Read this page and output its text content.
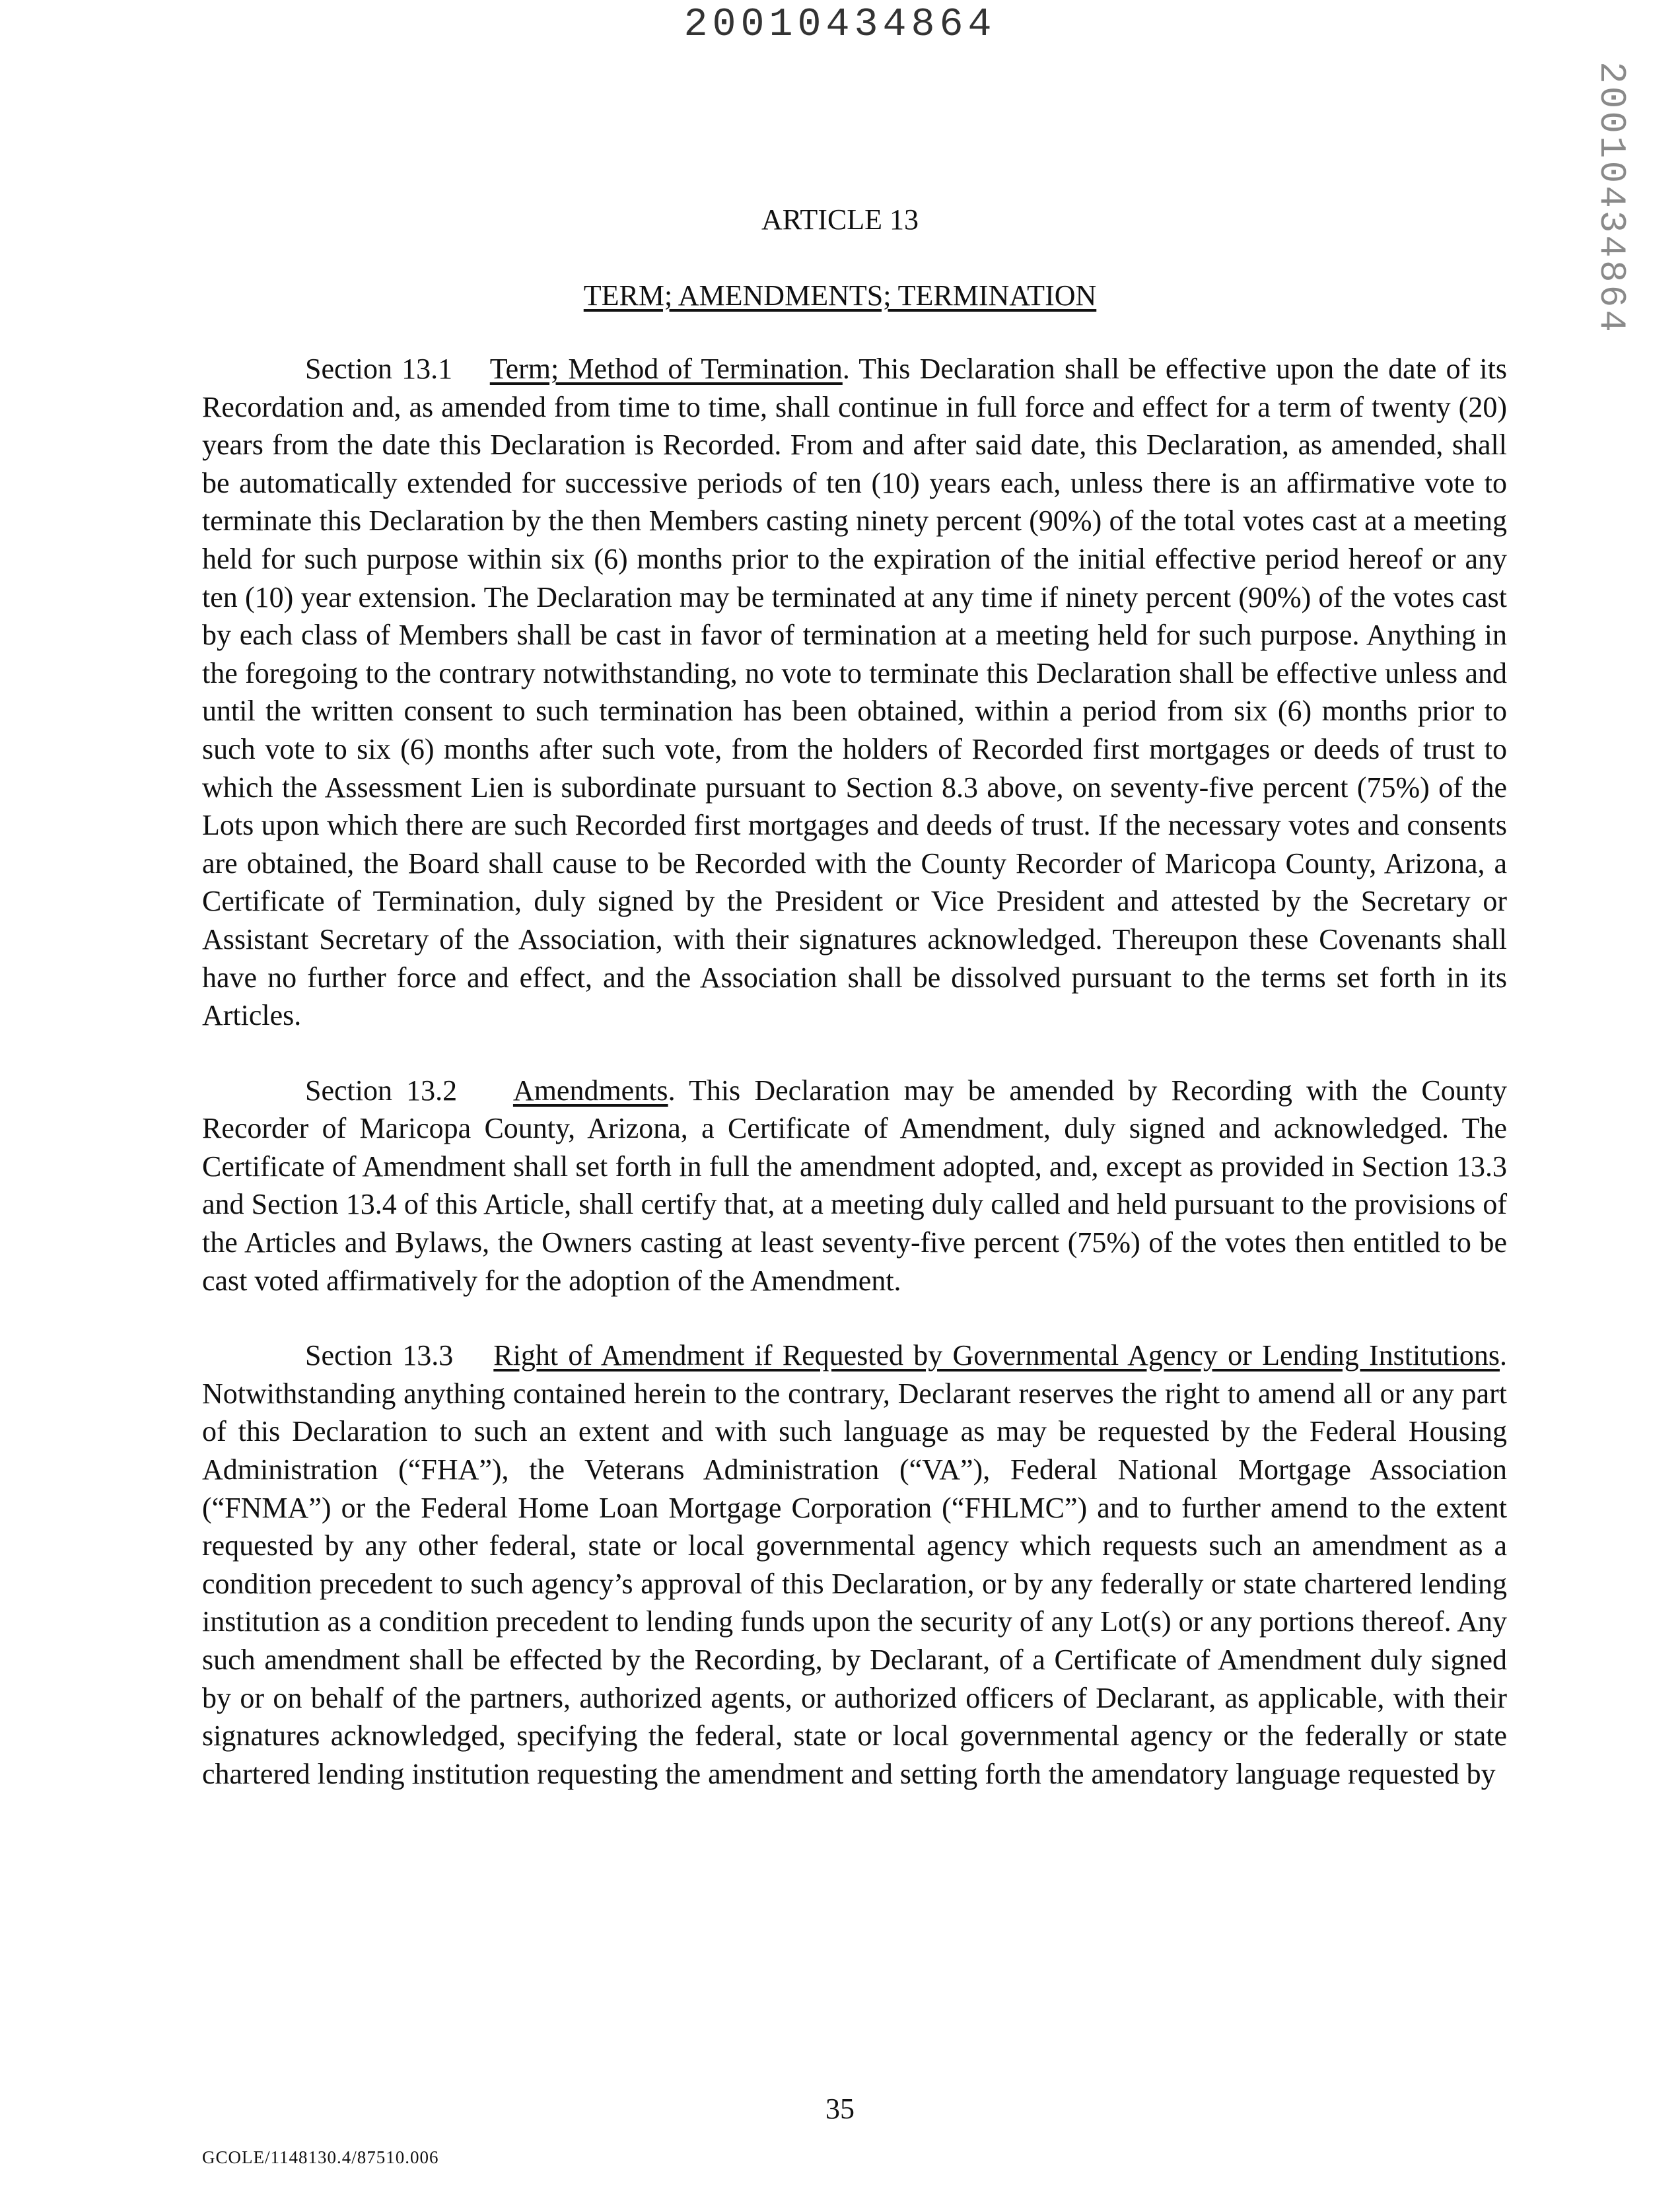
20010434864
20010434864
ARTICLE 13
TERM; AMENDMENTS; TERMINATION

Section 13.1 Term; Method of Termination. This Declaration shall be effective upon the date of its Recordation and, as amended from time to time, shall continue in full force and effect for a term of twenty (20) years from the date this Declaration is Recorded. From and after said date, this Declaration, as amended, shall be automatically extended for successive periods of ten (10) years each, unless there is an affirmative vote to terminate this Declaration by the then Members casting ninety percent (90%) of the total votes cast at a meeting held for such purpose within six (6) months prior to the expiration of the initial effective period hereof or any ten (10) year extension. The Declaration may be terminated at any time if ninety percent (90%) of the votes cast by each class of Members shall be cast in favor of termination at a meeting held for such purpose. Anything in the foregoing to the contrary notwithstanding, no vote to terminate this Declaration shall be effective unless and until the written consent to such termination has been obtained, within a period from six (6) months prior to such vote to six (6) months after such vote, from the holders of Recorded first mortgages or deeds of trust to which the Assessment Lien is subordinate pursuant to Section 8.3 above, on seventy-five percent (75%) of the Lots upon which there are such Recorded first mortgages and deeds of trust. If the necessary votes and consents are obtained, the Board shall cause to be Recorded with the County Recorder of Maricopa County, Arizona, a Certificate of Termination, duly signed by the President or Vice President and attested by the Secretary or Assistant Secretary of the Association, with their signatures acknowledged. Thereupon these Covenants shall have no further force and effect, and the Association shall be dissolved pursuant to the terms set forth in its Articles.

Section 13.2 Amendments. This Declaration may be amended by Recording with the County Recorder of Maricopa County, Arizona, a Certificate of Amendment, duly signed and acknowledged. The Certificate of Amendment shall set forth in full the amendment adopted, and, except as provided in Section 13.3 and Section 13.4 of this Article, shall certify that, at a meeting duly called and held pursuant to the provisions of the Articles and Bylaws, the Owners casting at least seventy-five percent (75%) of the votes then entitled to be cast voted affirmatively for the adoption of the Amendment.

Section 13.3 Right of Amendment if Requested by Governmental Agency or Lending Institutions. Notwithstanding anything contained herein to the contrary, Declarant reserves the right to amend all or any part of this Declaration to such an extent and with such language as may be requested by the Federal Housing Administration (“FHA”), the Veterans Administration (“VA”), Federal National Mortgage Association (“FNMA”) or the Federal Home Loan Mortgage Corporation (“FHLMC”) and to further amend to the extent requested by any other federal, state or local governmental agency which requests such an amendment as a condition precedent to such agency’s approval of this Declaration, or by any federally or state chartered lending institution as a condition precedent to lending funds upon the security of any Lot(s) or any portions thereof. Any such amendment shall be effected by the Recording, by Declarant, of a Certificate of Amendment duly signed by or on behalf of the partners, authorized agents, or authorized officers of Declarant, as applicable, with their signatures acknowledged, specifying the federal, state or local governmental agency or the federally or state chartered lending institution requesting the amendment and setting forth the amendatory language requested by

35
GCOLE/1148130.4/87510.006
